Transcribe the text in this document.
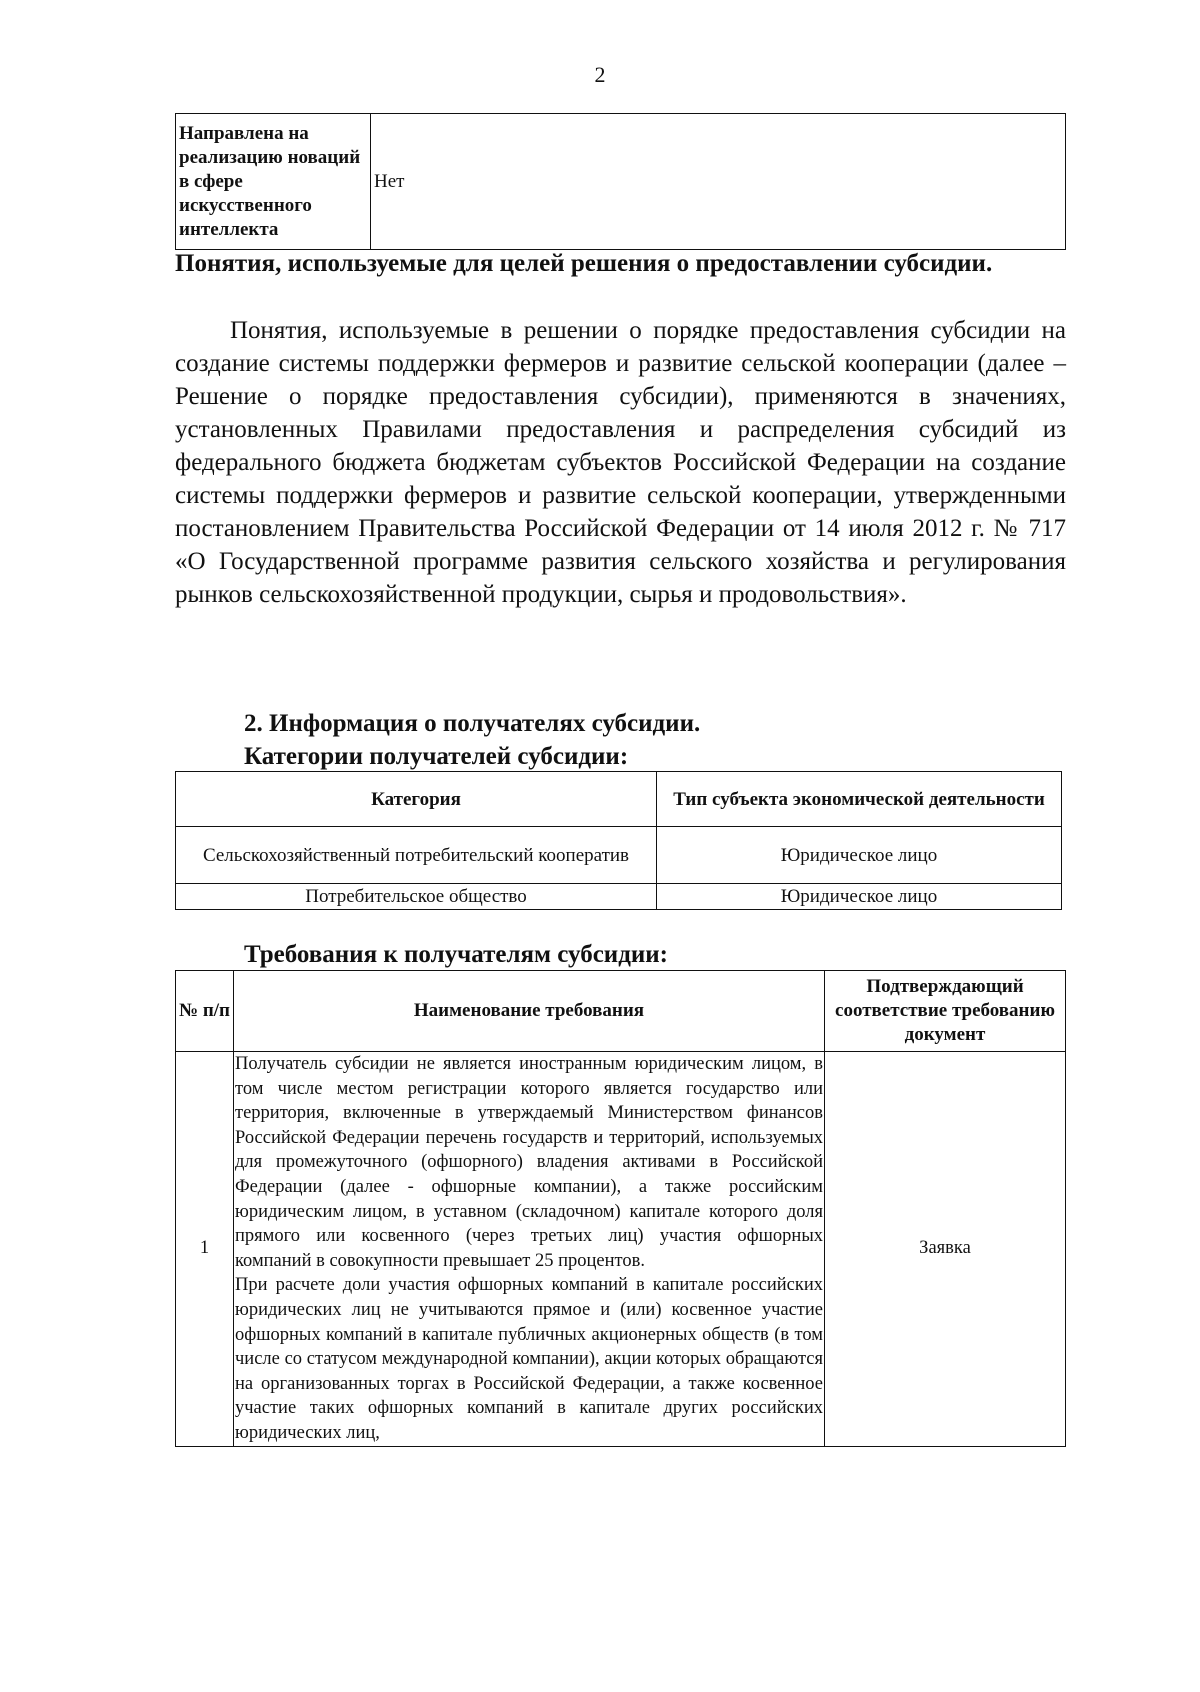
2
Направлена на реализацию новаций в сфере искусственного интеллекта	Нет

Понятия, используемые для целей решения о предоставлении субсидии.

Понятия, используемые в решении о порядке предоставления субсидии на создание системы поддержки фермеров и развитие сельской кооперации (далее – Решение о порядке предоставления субсидии), применяются в значениях, установленных Правилами предоставления и распределения субсидий из федерального бюджета бюджетам субъектов Российской Федерации на создание системы поддержки фермеров и развитие сельской кооперации, утвержденными постановлением Правительства Российской Федерации от 14 июля 2012 г. № 717 «О Государственной программе развития сельского хозяйства и регулирования рынков сельскохозяйственной продукции, сырья и продовольствия».

2. Информация о получателях субсидии.

Категории получателей субсидии:

Категория	Тип субъекта экономической деятельности
Сельскохозяйственный потребительский кооператив	Юридическое лицо
Потребительское общество	Юридическое лицо

Требования к получателям субсидии:

№ п/п	Наименование требования	Подтверждающий соответствие требованию документ
1	Получатель субсидии не является иностранным юридическим лицом, в том числе местом регистрации которого является государство или территория, включенные в утверждаемый Министерством финансов Российской Федерации перечень государств и территорий, используемых для промежуточного (офшорного) владения активами в Российской Федерации (далее - офшорные компании), а также российским юридическим лицом, в уставном (складочном) капитале которого доля прямого или косвенного (через третьих лиц) участия офшорных компаний в совокупности превышает 25 процентов.

При расчете доли участия офшорных компаний в капитале российских юридических лиц не учитываются прямое и (или) косвенное участие офшорных компаний в капитале публичных акционерных обществ (в том числе со статусом международной компании), акции которых обращаются на организованных торгах в Российской Федерации, а также косвенное участие таких офшорных компаний в капитале других российских юридических лиц,	Заявка
